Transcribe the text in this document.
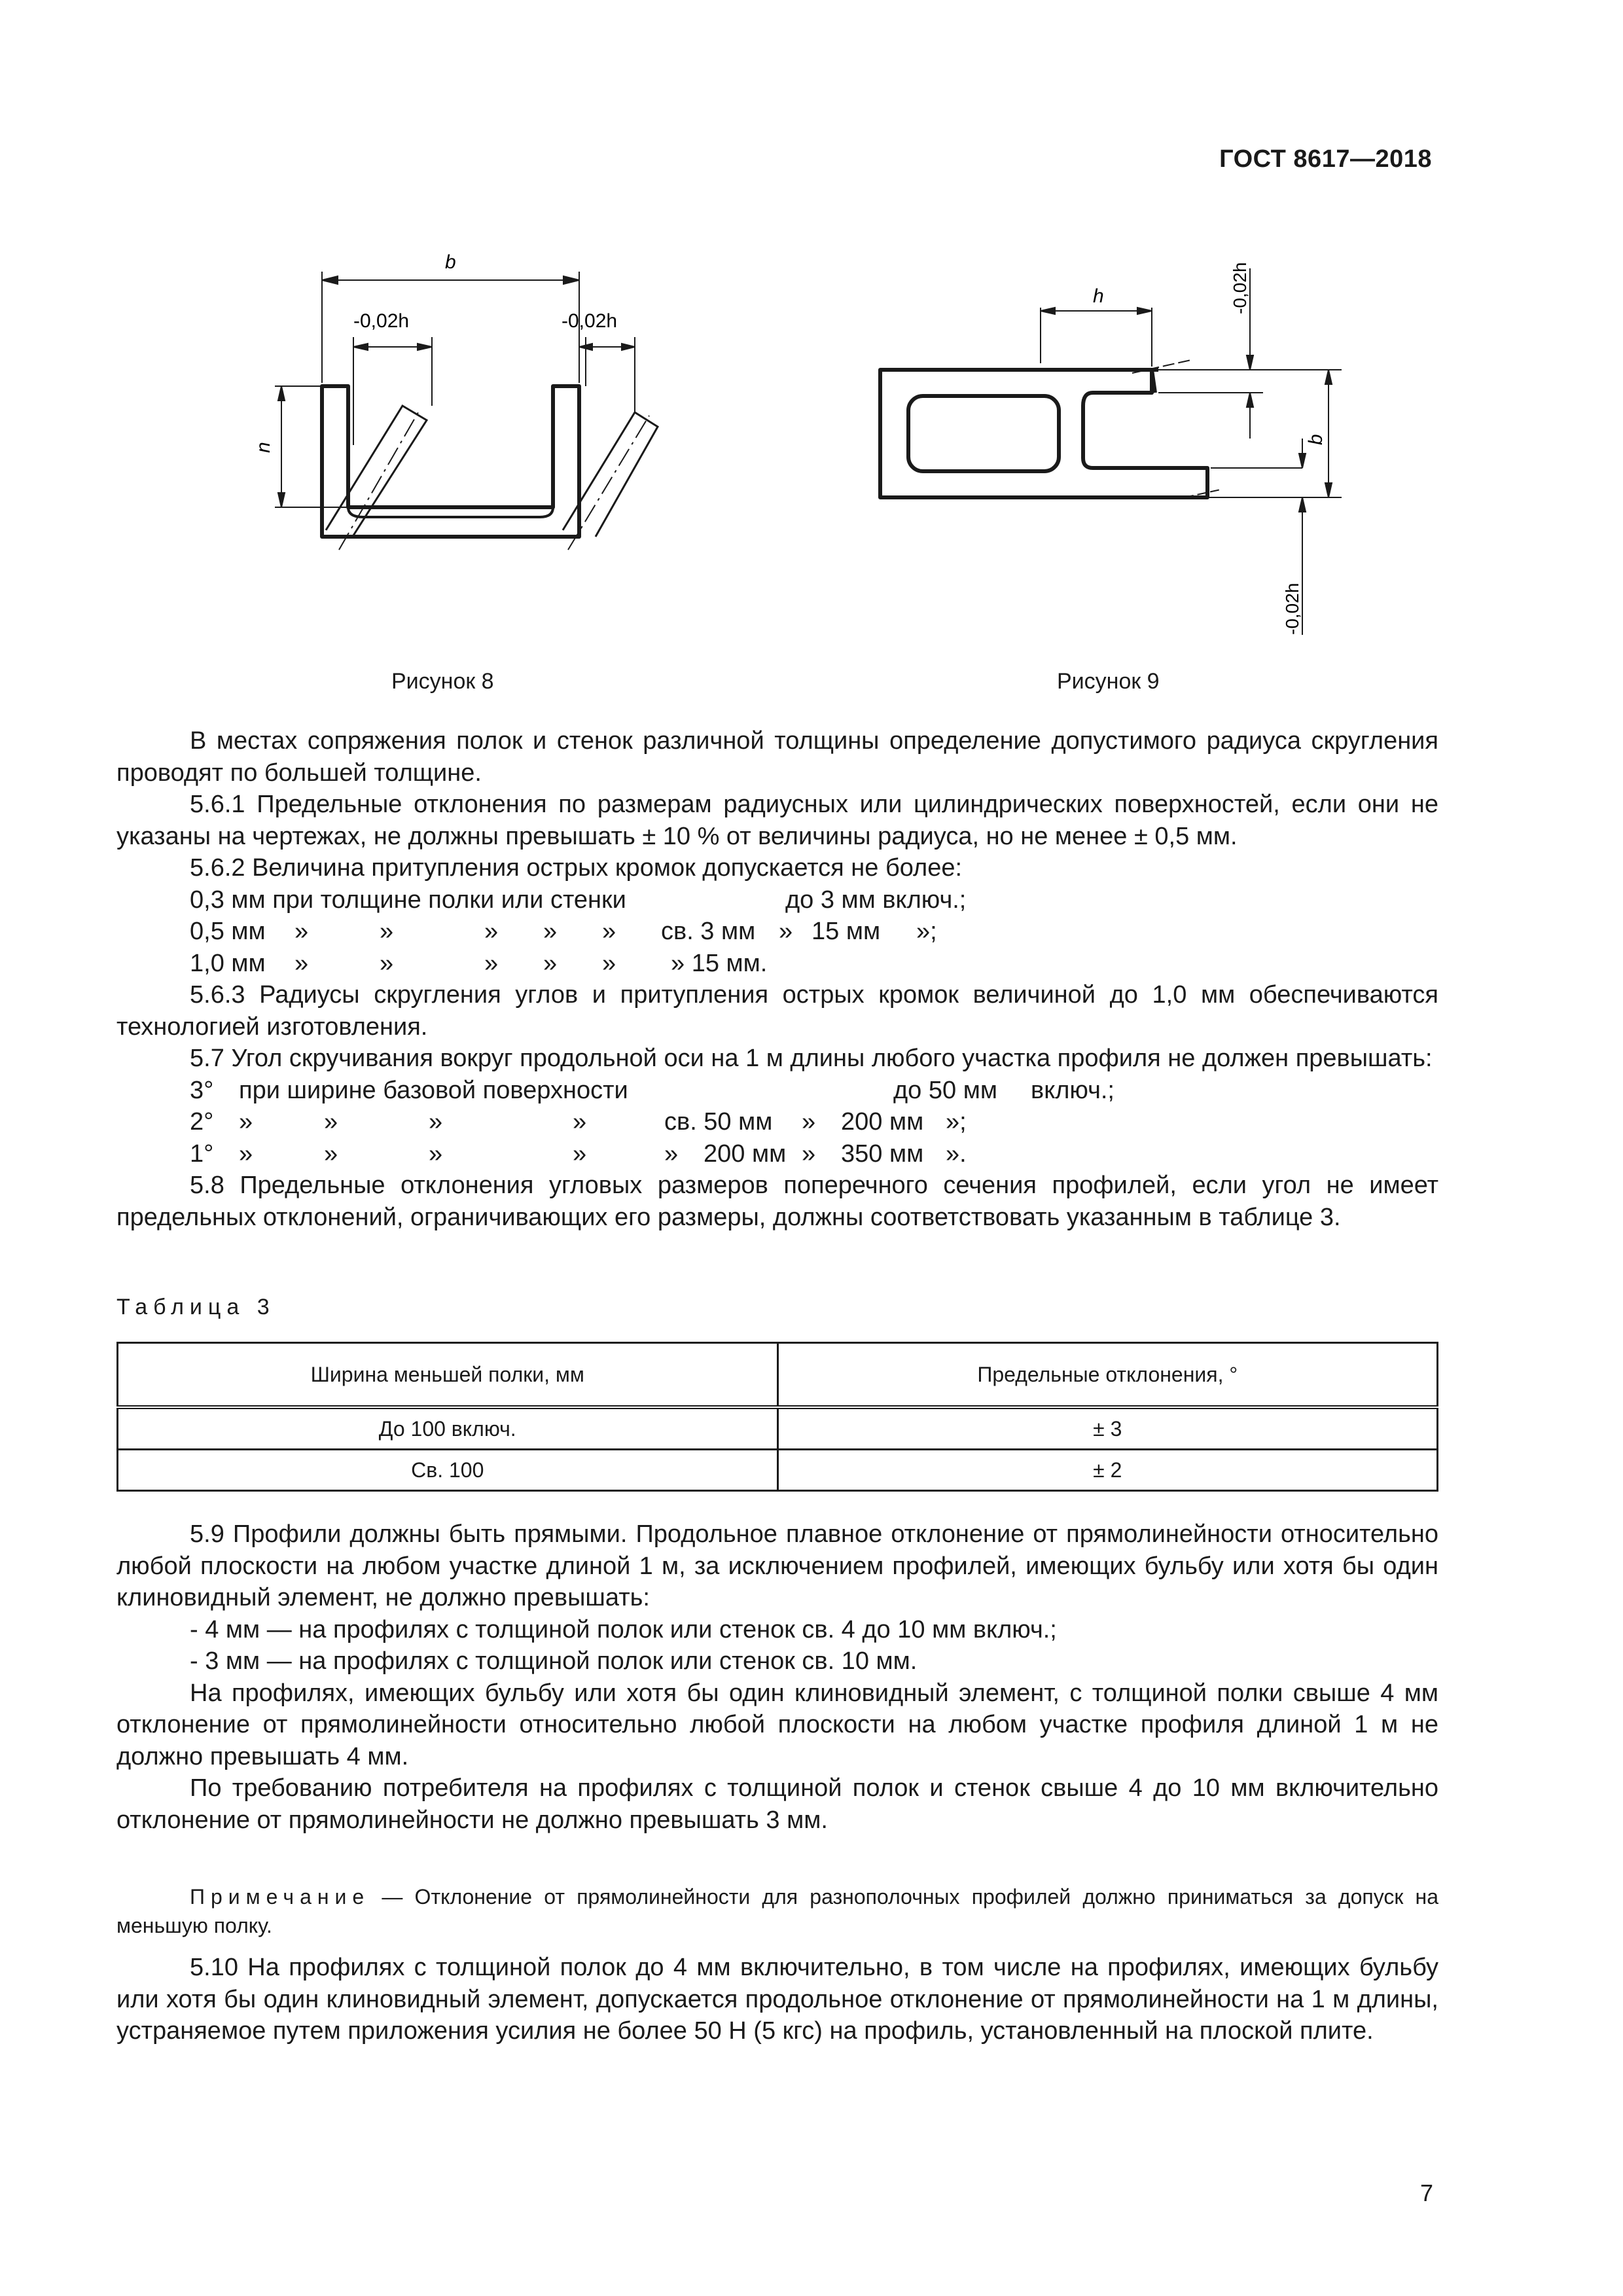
ГОСТ 8617—2018
b
-0,02h	-0,02h
n
h	-0,02h
b
-0,02h
Рисунок 8	Рисунок 9

В местах сопряжения полок и стенок различной толщины определение допустимого радиуса скругления проводят по большей толщине.

5.6.1 Предельные отклонения по размерам радиусных или цилиндрических поверхностей, если они не указаны на чертежах, не должны превышать ± 10 % от величины радиуса, но не менее ± 0,5 мм.

5.6.2 Величина притупления острых кромок допускается не более:

0,3 мм при толщине полки или стенки	до 3 мм включ.;
0,5 мм	»	»	»	»	»	св. 3 мм » 15 мм	»;
1,0 мм	»	»	»	»	»	» 15 мм.

5.6.3 Радиусы скругления углов и притупления острых кромок величиной до 1,0 мм обеспечиваются технологией изготовления.

5.7 Угол скручивания вокруг продольной оси на 1 м длины любого участка профиля не должен превышать:

3°	при ширине базовой поверхности	до 50 мм	включ.;
2°	»	»	»	»	св. 50 мм	»	200 мм »;
1°	»	»	»	»	»	200 мм »	350 мм ».

5.8 Предельные отклонения угловых размеров поперечного сечения профилей, если угол не имеет предельных отклонений, ограничивающих его размеры, должны соответствовать указанным в таблице 3.

Таблица 3
Ширина меньшей полки, мм	Предельные отклонения, °
До 100 включ.	± 3
Св. 100	± 2

5.9 Профили должны быть прямыми. Продольное плавное отклонение от прямолинейности относительно любой плоскости на любом участке длиной 1 м, за исключением профилей, имеющих бульбу или хотя бы один клиновидный элемент, не должно превышать:

- 4 мм — на профилях с толщиной полок или стенок св. 4 до 10 мм включ.;

- 3 мм — на профилях с толщиной полок или стенок св. 10 мм.

На профилях, имеющих бульбу или хотя бы один клиновидный элемент, с толщиной полки свыше 4 мм отклонение от прямолинейности относительно любой плоскости на любом участке профиля длиной 1 м не должно превышать 4 мм.

По требованию потребителя на профилях с толщиной полок и стенок свыше 4 до 10 мм включительно отклонение от прямолинейности не должно превышать 3 мм.

Примечание — Отклонение от прямолинейности для разнополочных профилей должно приниматься за допуск на меньшую полку.

5.10 На профилях с толщиной полок до 4 мм включительно, в том числе на профилях, имеющих бульбу или хотя бы один клиновидный элемент, допускается продольное отклонение от прямолинейности на 1 м длины, устраняемое путем приложения усилия не более 50 Н (5 кгс) на профиль, установленный на плоской плите.

7
